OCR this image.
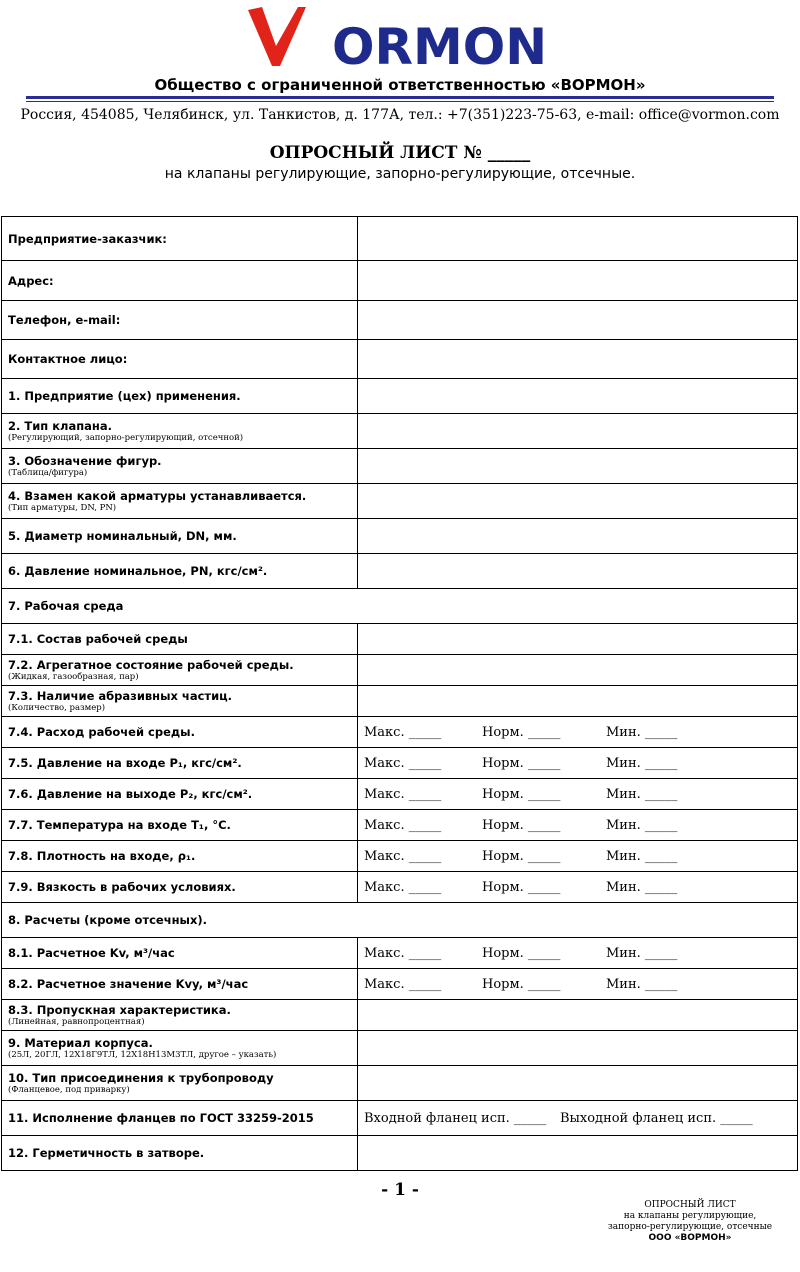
ORMON
Общество с ограниченной ответственностью «ВОРМОН»
Россия, 454085, Челябинск, ул. Танкистов, д. 177А, тел.: +7(351)223-75-63, e-mail: office@vormon.com
ОПРОСНЫЙ ЛИСТ № _____
на клапаны регулирующие, запорно-регулирующие, отсечные.
Предприятие-заказчик:	

Адрес:	

Телефон, e-mail:	

Контактное лицо:	

1. Предприятие (цех) применения.	

2. Тип клапана.
(Регулирующий, запорно-регулирующий, отсечной)	

3. Обозначение фигур.
(Таблица/фигура)	

4. Взамен какой арматуры устанавливается.
(Тип арматуры, DN, PN)	

5. Диаметр номинальный, DN, мм.	

6. Давление номинальное, PN, кгс/см².	

7. Рабочая среда	

7.1. Состав рабочей среды	

7.2. Агрегатное состояние рабочей среды.
(Жидкая, газообразная, пар)	

7.3. Наличие абразивных частиц.
(Количество, размер)	

7.4. Расход рабочей среды.	Макс. _____ Норм. _____ Мин. _____

7.5. Давление на входе P₁, кгс/см².	Макс. _____ Норм. _____ Мин. _____

7.6. Давление на выходе P₂, кгс/см².	Макс. _____ Норм. _____ Мин. _____

7.7. Температура на входе T₁, °C.	Макс. _____ Норм. _____ Мин. _____

7.8. Плотность на входе, ρ₁.	Макс. _____ Норм. _____ Мин. _____

7.9. Вязкость в рабочих условиях.	Макс. _____ Норм. _____ Мин. _____

8. Расчеты (кроме отсечных).	

8.1. Расчетное Kv, м³/час	Макс. _____ Норм. _____ Мин. _____

8.2. Расчетное значение Kvy, м³/час	Макс. _____ Норм. _____ Мин. _____

8.3. Пропускная характеристика.
(Линейная, равнопроцентная)	

9. Материал корпуса.
(25Л, 20ГЛ, 12Х18Г9ТЛ, 12Х18Н13М3ТЛ, другое – указать)	

10. Тип присоединения к трубопроводу
(Фланцевое, под приварку)	

11. Исполнение фланцев по ГОСТ 33259-2015	Входной фланец исп. _____ Выходной фланец исп. _____

12. Герметичность в затворе.	

- 1 -
ОПРОСНЫЙ ЛИСТ
на клапаны регулирующие,
запорно-регулирующие, отсечные
ООО «ВОРМОН»
